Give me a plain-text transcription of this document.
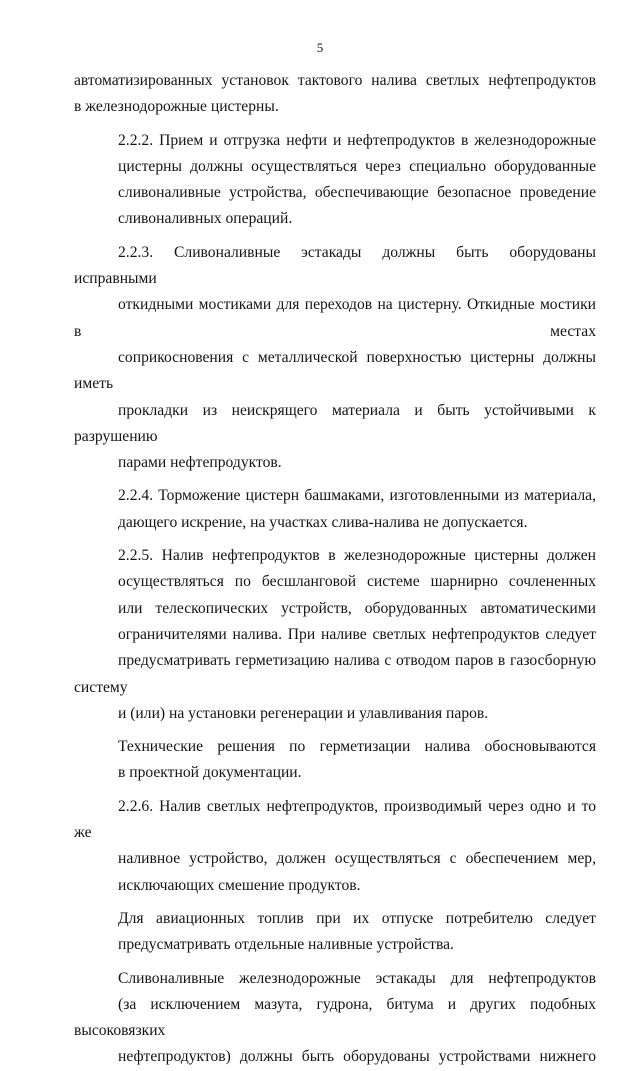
5

автоматизированных установок тактового налива светлых нефтепродуктов
в железнодорожные цистерны.

2.2.2. Прием и отгрузка нефти и нефтепродуктов в железнодорожные
цистерны должны осуществляться через специально оборудованные
сливоналивные устройства, обеспечивающие безопасное проведение
сливоналивных операций.

2.2.3. Сливоналивные эстакады должны быть оборудованы исправными
откидными мостиками для переходов на цистерну. Откидные мостики в местах
соприкосновения с металлической поверхностью цистерны должны иметь
прокладки из неискрящего материала и быть устойчивыми к разрушению
парами нефтепродуктов.

2.2.4. Торможение цистерн башмаками, изготовленными из материала,
дающего искрение, на участках слива-налива не допускается.

2.2.5. Налив нефтепродуктов в железнодорожные цистерны должен
осуществляться по бесшланговой системе шарнирно сочлененных
или телескопических устройств, оборудованных автоматическими
ограничителями налива. При наливе светлых нефтепродуктов следует
предусматривать герметизацию налива с отводом паров в газосборную систему
и (или) на установки регенерации и улавливания паров.

Технические решения по герметизации налива обосновываются
в проектной документации.

2.2.6. Налив светлых нефтепродуктов, производимый через одно и то же
наливное устройство, должен осуществляться с обеспечением мер,
исключающих смешение продуктов.

Для авиационных топлив при их отпуске потребителю следует
предусматривать отдельные наливные устройства.

Сливоналивные железнодорожные эстакады для нефтепродуктов
(за исключением мазута, гудрона, битума и других подобных высоковязких
нефтепродуктов) должны быть оборудованы устройствами нижнего
